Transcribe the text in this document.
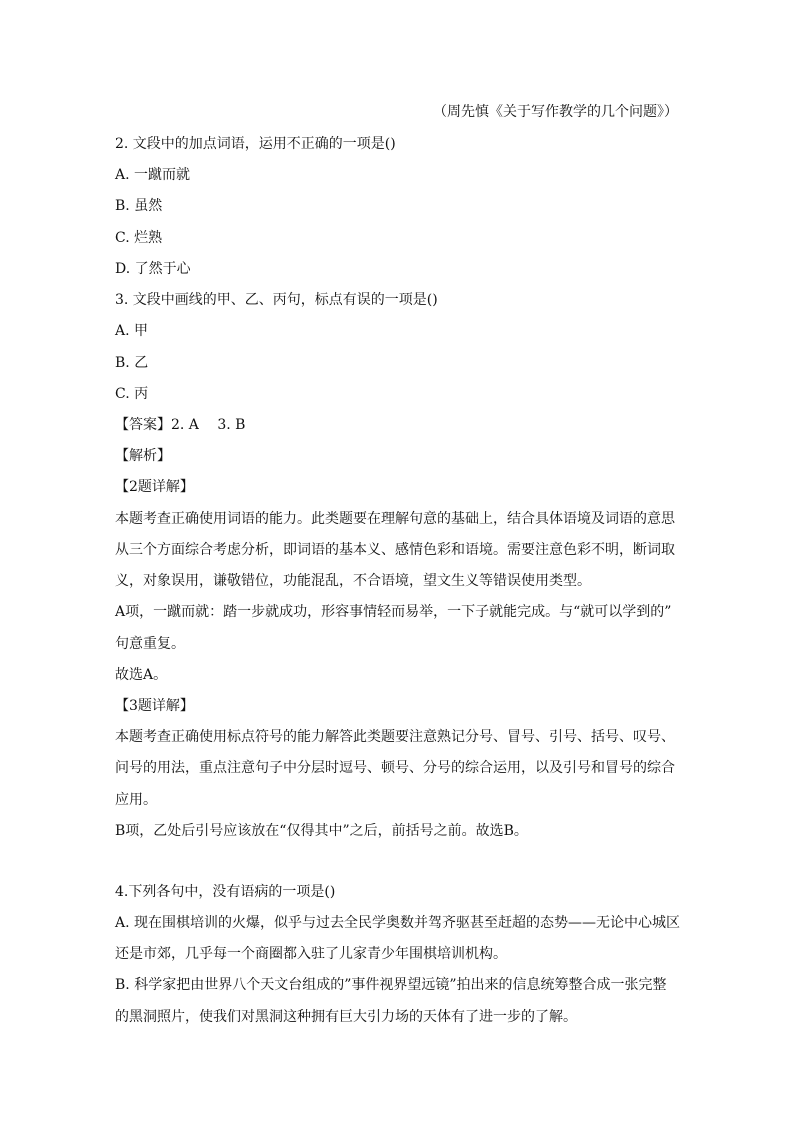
（周先慎《关于写作教学的几个问题》）
2. 文段中的加点词语，运用不正确的一项是()
A. 一蹴而就
B. 虽然
C. 烂熟
D. 了然于心
3. 文段中画线的甲、乙、丙句，标点有误的一项是()
A. 甲
B. 乙
C. 丙
【答案】2. A　 3. B
【解析】
【2题详解】
本题考查正确使用词语的能力。此类题要在理解句意的基础上，结合具体语境及词语的意思
从三个方面综合考虑分析，即词语的基本义、感情色彩和语境。需要注意色彩不明，断词取
义，对象误用，谦敬错位，功能混乱，不合语境，望文生义等错误使用类型。
A项，一蹴而就：踏一步就成功，形容事情轻而易举，一下子就能完成。与“就可以学到的”
句意重复。
故选A。
【3题详解】
本题考查正确使用标点符号的能力解答此类题要注意熟记分号、冒号、引号、括号、叹号、
问号的用法，重点注意句子中分层时逗号、顿号、分号的综合运用，以及引号和冒号的综合
应用。
B项，乙处后引号应该放在“仅得其中”之后，前括号之前。故选B。
4.下列各句中，没有语病的一项是()
A. 现在围棋培训的火爆，似乎与过去全民学奥数并驾齐驱甚至赶超的态势——无论中心城区
还是市郊，几乎每一个商圈都入驻了儿家青少年围棋培训机构。
B. 科学家把由世界八个天文台组成的”事件视界望远镜”拍出来的信息统筹整合成一张完整
的黑洞照片，使我们对黑洞这种拥有巨大引力场的天体有了进一步的了解。
